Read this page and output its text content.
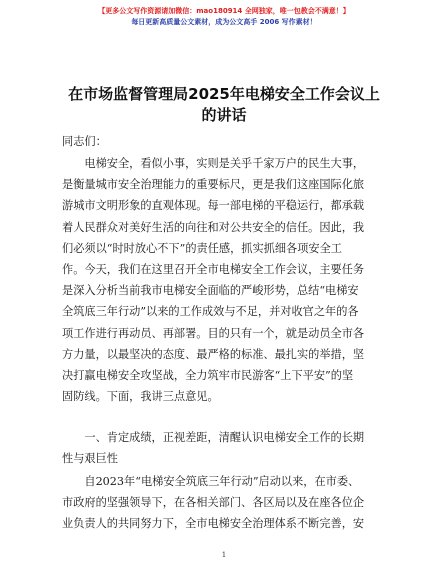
【更多公文写作资源请加微信：mao180914 全网独家，唯一包教会不满意！】
每日更新高质量公文素材，成为公文高手 2006 写作素材！
在市场监督管理局2025年电梯安全工作会议上
的讲话
同志们：
　　电梯安全，看似小事，实则是关乎千家万户的民生大事，
是衡量城市安全治理能力的重要标尺，更是我们这座国际化旅
游城市文明形象的直观体现。每一部电梯的平稳运行，都承载
着人民群众对美好生活的向往和对公共安全的信任。因此，我
们必须以“时时放心不下”的责任感，抓实抓细各项安全工
作。今天，我们在这里召开全市电梯安全工作会议，主要任务
是深入分析当前我市电梯安全面临的严峻形势，总结“电梯安
全筑底三年行动”以来的工作成效与不足，并对收官之年的各
项工作进行再动员、再部署。目的只有一个，就是动员全市各
方力量，以最坚决的态度、最严格的标准、最扎实的举措，坚
决打赢电梯安全攻坚战，全力筑牢市民游客“上下平安”的坚
固防线。下面，我讲三点意见。
　　一、肯定成绩，正视差距，清醒认识电梯安全工作的长期
性与艰巨性
　　自2023年“电梯安全筑底三年行动”启动以来，在市委、
市政府的坚强领导下，在各相关部门、各区局以及在座各位企
业负责人的共同努力下，全市电梯安全治理体系不断完善，安
1
